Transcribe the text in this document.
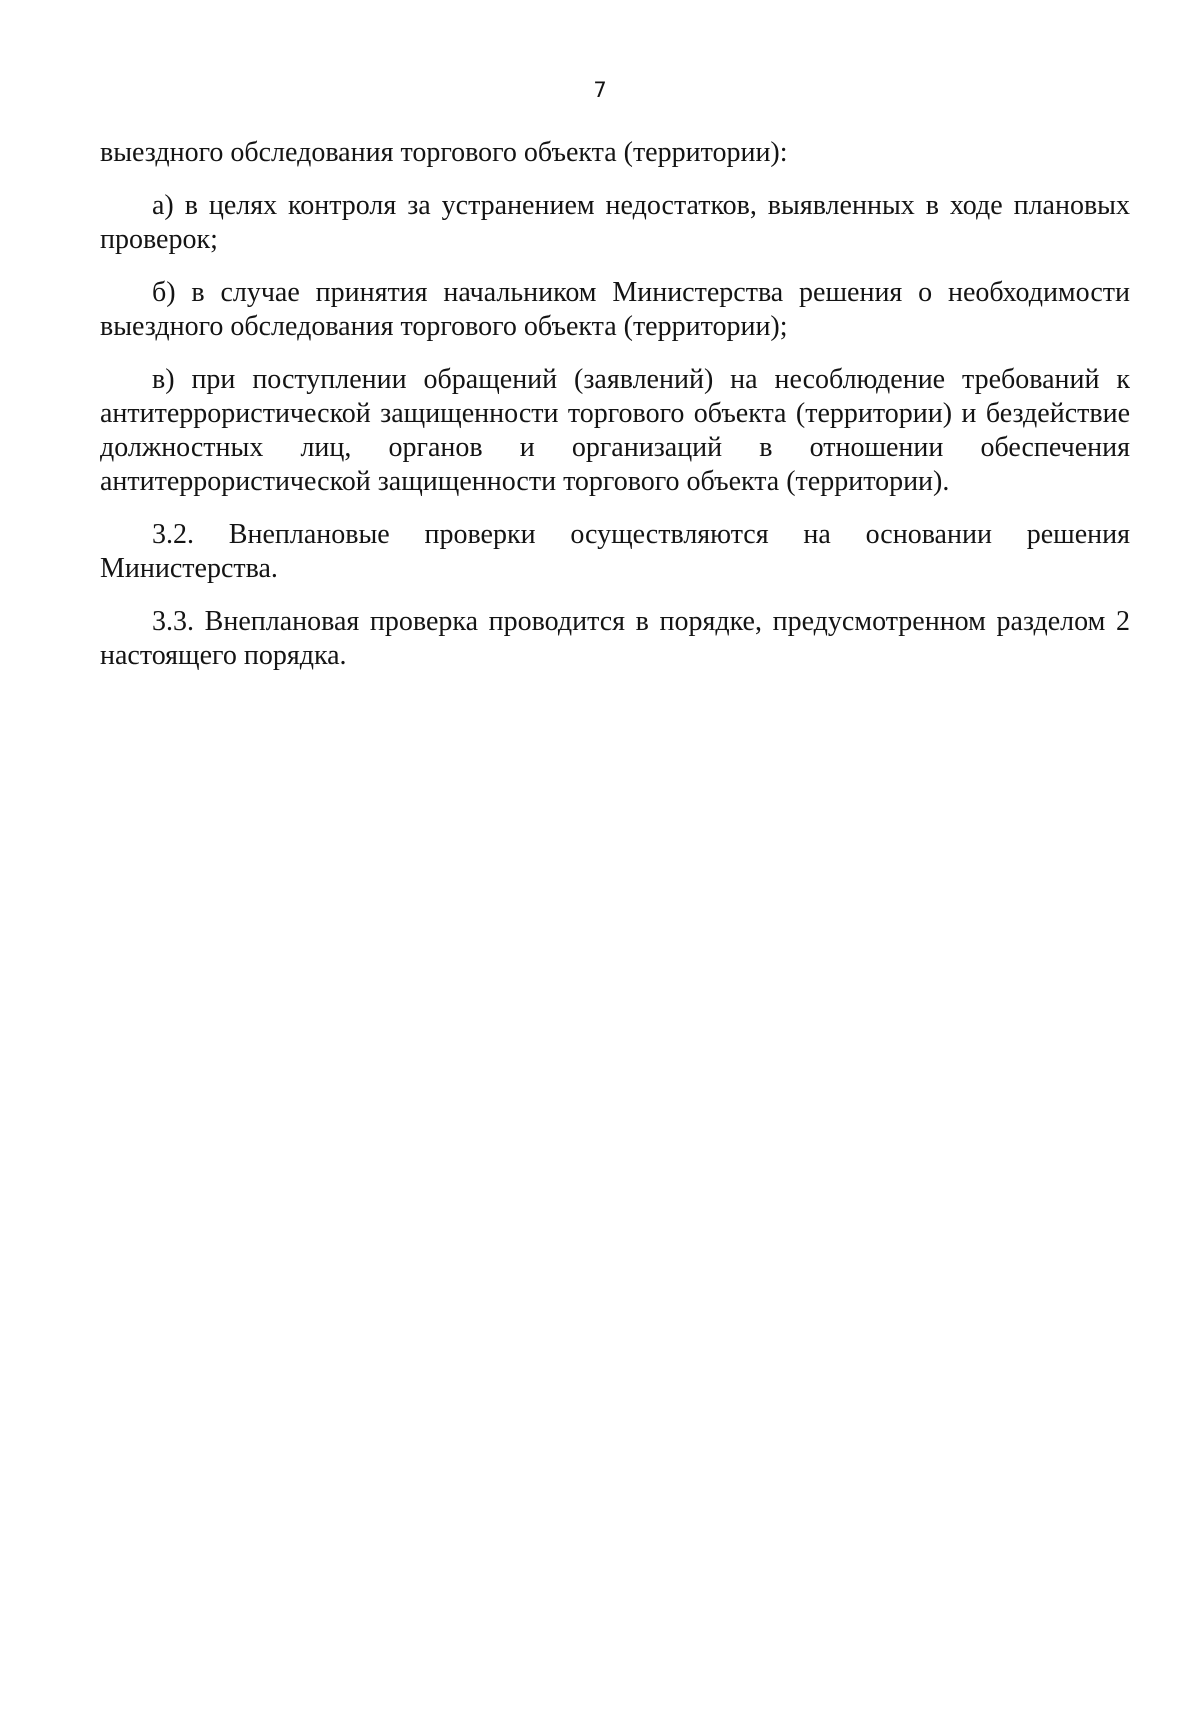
7

выездного обследования торгового объекта (территории):

а) в целях контроля за устранением недостатков, выявленных в ходе плановых проверок;

б) в случае принятия начальником Министерства решения о необходимости выездного обследования торгового объекта (территории);

в) при поступлении обращений (заявлений) на несоблюдение требований к антитеррористической защищенности торгового объекта (территории) и бездействие должностных лиц, органов и организаций в отношении обеспечения антитеррористической защищенности торгового объекта (территории).

3.2. Внеплановые проверки осуществляются на основании решения Министерства.

3.3. Внеплановая проверка проводится в порядке, предусмотренном разделом 2 настоящего порядка.
